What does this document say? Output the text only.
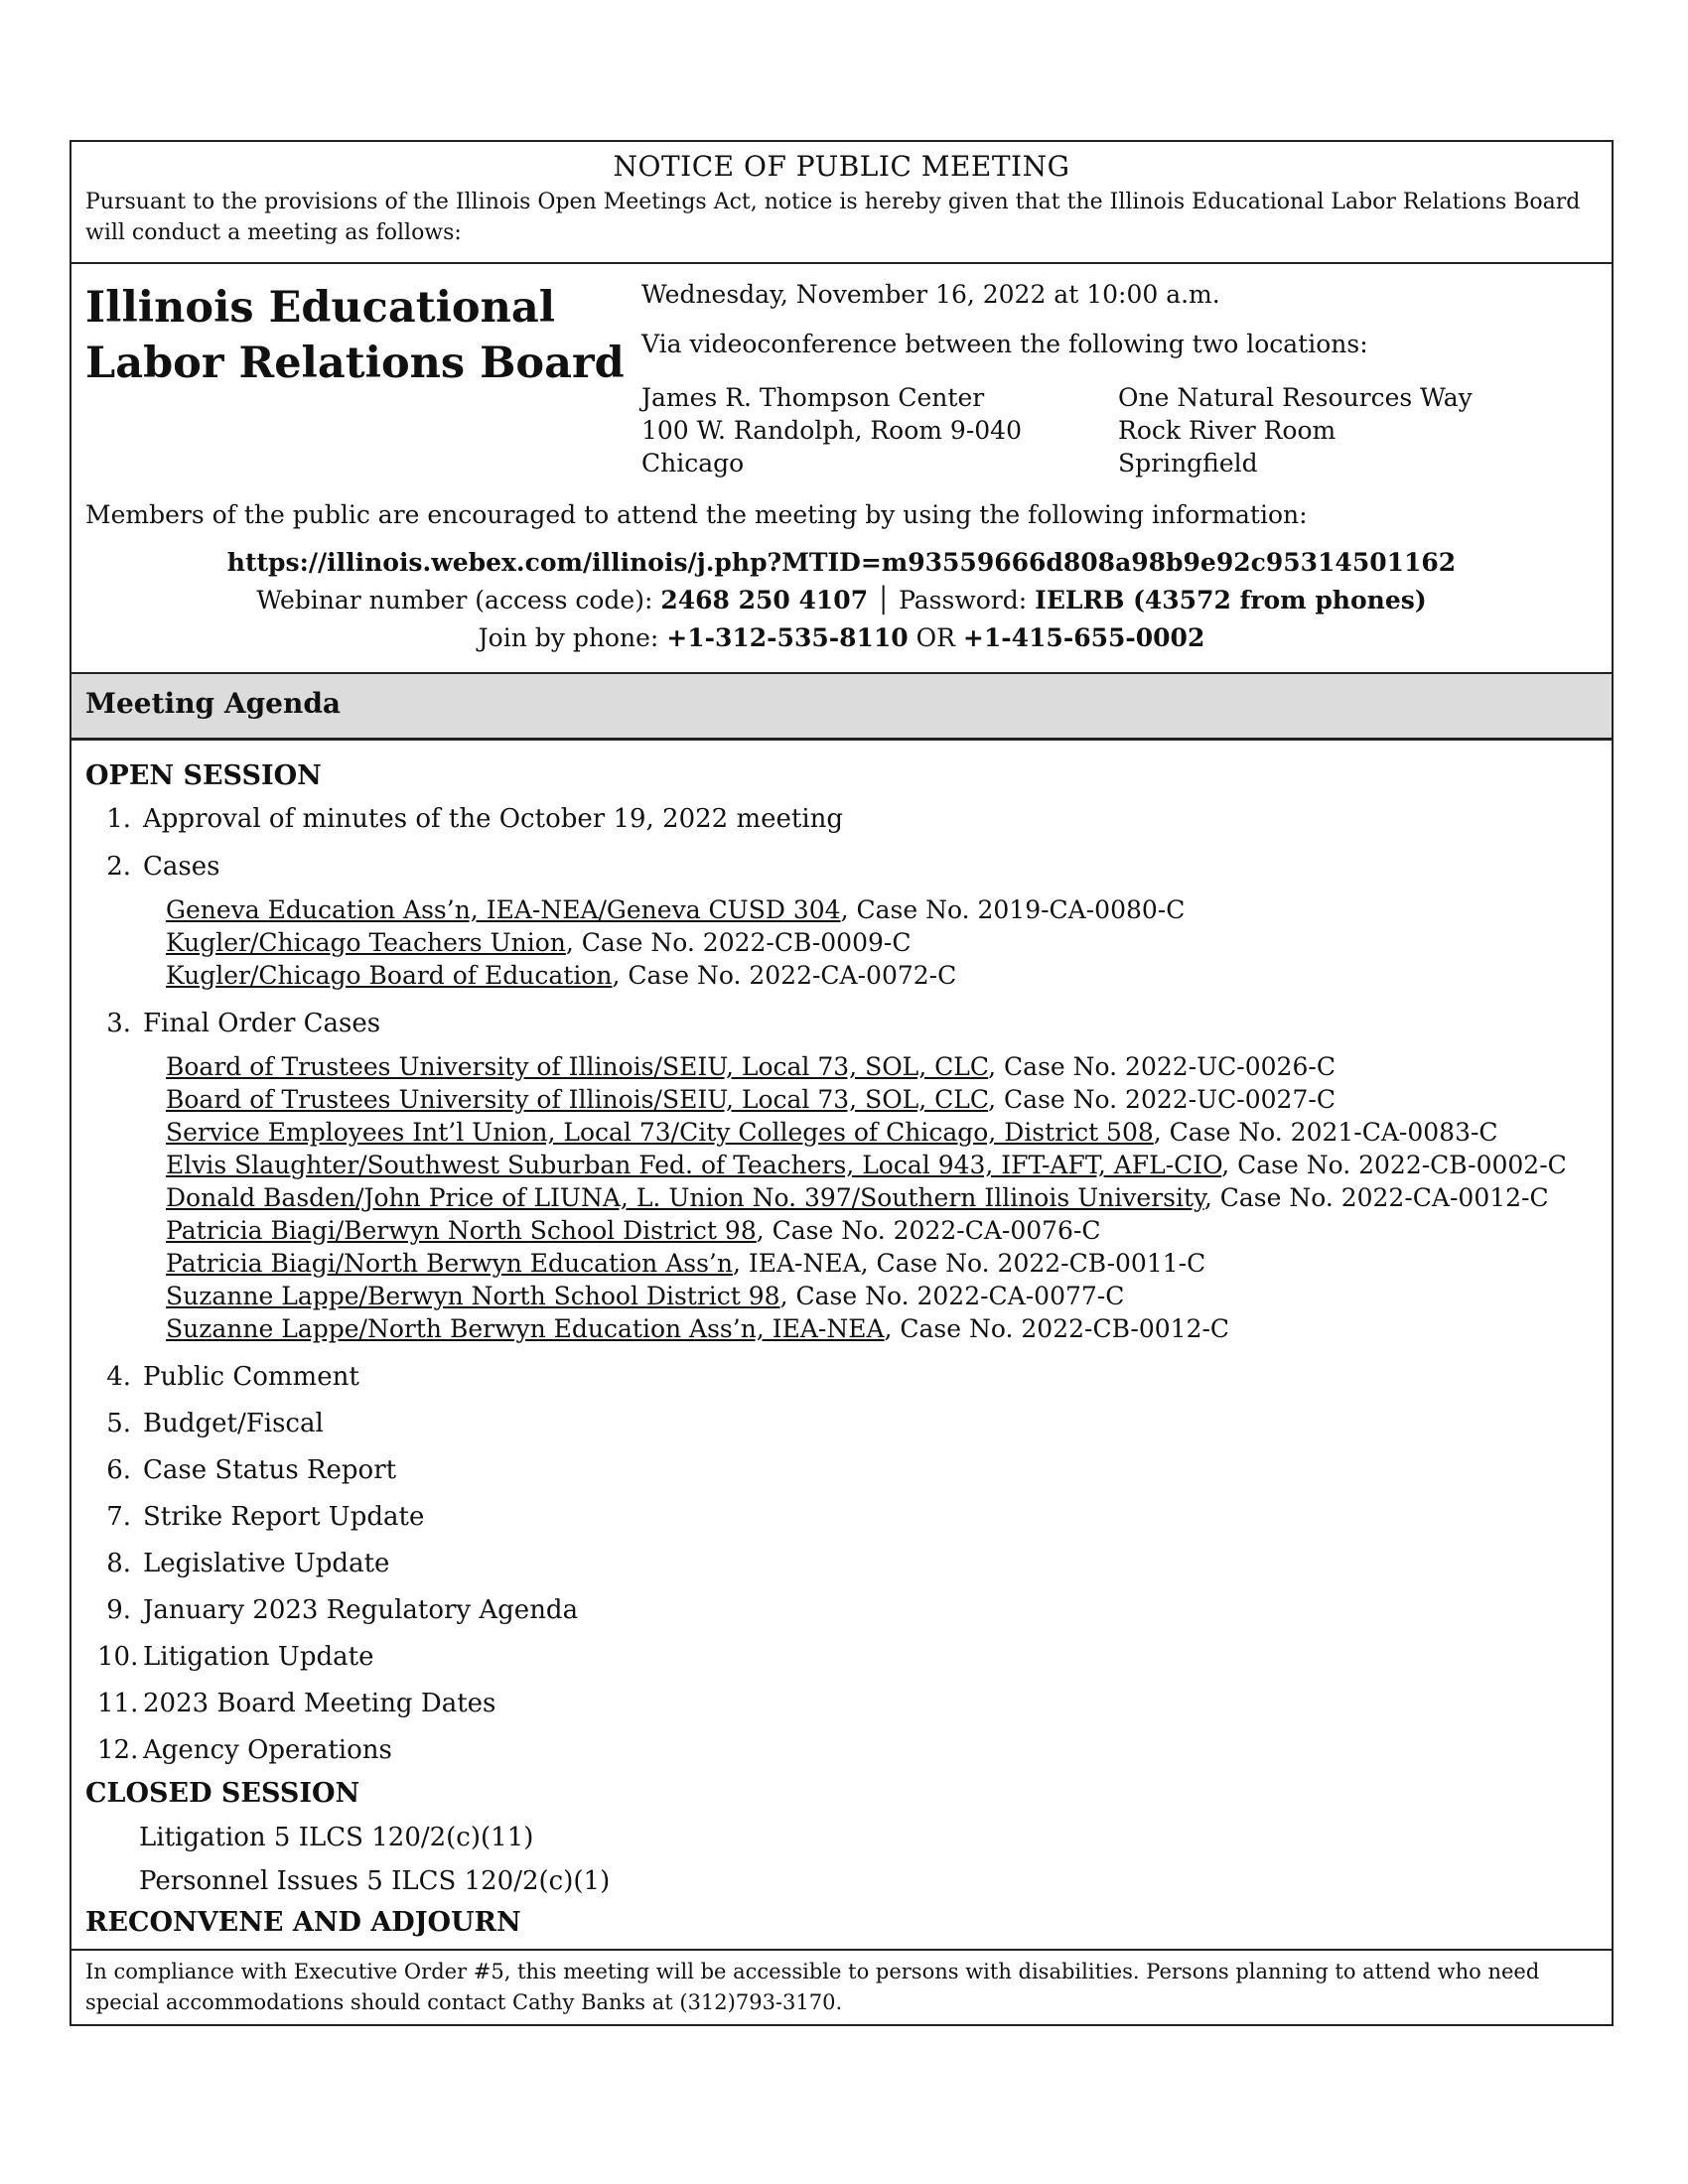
NOTICE OF PUBLIC MEETING
Pursuant to the provisions of the Illinois Open Meetings Act, notice is hereby given that the Illinois Educational Labor Relations Board will conduct a meeting as follows:
Illinois Educational
Labor Relations Board
Wednesday, November 16, 2022 at 10:00 a.m.
Via videoconference between the following two locations:
James R. Thompson Center
100 W. Randolph, Room 9-040
Chicago
One Natural Resources Way
Rock River Room
Springfield
Members of the public are encouraged to attend the meeting by using the following information:
https://illinois.webex.com/illinois/j.php?MTID=m93559666d808a98b9e92c95314501162
Webinar number (access code): 2468 250 4107 │ Password: IELRB (43572 from phones)
Join by phone: +1-312-535-8110 OR +1-415-655-0002
Meeting Agenda
OPEN SESSION
1. Approval of minutes of the October 19, 2022 meeting
2. Cases
Geneva Education Ass’n, IEA-NEA/Geneva CUSD 304, Case No. 2019-CA-0080-C
Kugler/Chicago Teachers Union, Case No. 2022-CB-0009-C
Kugler/Chicago Board of Education, Case No. 2022-CA-0072-C
3. Final Order Cases
Board of Trustees University of Illinois/SEIU, Local 73, SOL, CLC, Case No. 2022-UC-0026-C
Board of Trustees University of Illinois/SEIU, Local 73, SOL, CLC, Case No. 2022-UC-0027-C
Service Employees Int’l Union, Local 73/City Colleges of Chicago, District 508, Case No. 2021-CA-0083-C
Elvis Slaughter/Southwest Suburban Fed. of Teachers, Local 943, IFT-AFT, AFL-CIO, Case No. 2022-CB-0002-C
Donald Basden/John Price of LIUNA, L. Union No. 397/Southern Illinois University, Case No. 2022-CA-0012-C
Patricia Biagi/Berwyn North School District 98, Case No. 2022-CA-0076-C
Patricia Biagi/North Berwyn Education Ass’n, IEA-NEA, Case No. 2022-CB-0011-C
Suzanne Lappe/Berwyn North School District 98, Case No. 2022-CA-0077-C
Suzanne Lappe/North Berwyn Education Ass’n, IEA-NEA, Case No. 2022-CB-0012-C
4. Public Comment
5. Budget/Fiscal
6. Case Status Report
7. Strike Report Update
8. Legislative Update
9. January 2023 Regulatory Agenda
10. Litigation Update
11. 2023 Board Meeting Dates
12. Agency Operations
CLOSED SESSION
Litigation 5 ILCS 120/2(c)(11)
Personnel Issues 5 ILCS 120/2(c)(1)
RECONVENE AND ADJOURN
In compliance with Executive Order #5, this meeting will be accessible to persons with disabilities. Persons planning to attend who need special accommodations should contact Cathy Banks at (312)793-3170.
